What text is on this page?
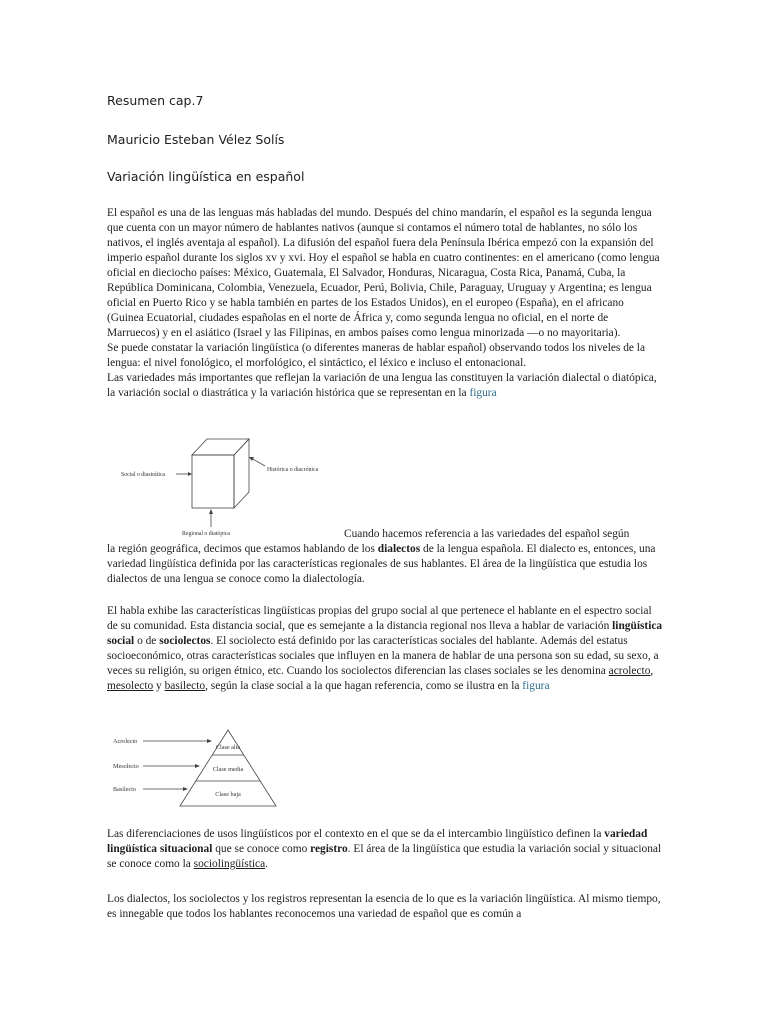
Resumen cap.7
Mauricio Esteban Vélez Solís
Variación lingüística en español
El español es una de las lenguas más habladas del mundo. Después del chino mandarín, el español es la segunda lengua que cuenta con un mayor número de hablantes nativos (aunque si contamos el número total de hablantes, no sólo los nativos, el inglés aventaja al español). La difusión del español fuera dela Península Ibérica empezó con la expansión del imperio español durante los siglos xv y xvi. Hoy el español se habla en cuatro continentes: en el americano (como lengua oficial en dieciocho países: México, Guatemala, El Salvador, Honduras, Nicaragua, Costa Rica, Panamá, Cuba, la República Dominicana, Colombia, Venezuela, Ecuador, Perú, Bolivia, Chile, Paraguay, Uruguay y Argentina; es lengua oficial en Puerto Rico y se habla también en partes de los Estados Unidos), en el europeo (España), en el africano (Guinea Ecuatorial, ciudades españolas en el norte de África y, como segunda lengua no oficial, en el norte de Marruecos) y en el asiático (Israel y las Filipinas, en ambos países como lengua minorizada —o no mayoritaria).
Se puede constatar la variación lingüística (o diferentes maneras de hablar español) observando todos los niveles de la lengua: el nivel fonológico, el morfológico, el sintáctico, el léxico e incluso el entonacional.
Las variedades más importantes que reflejan la variación de una lengua las constituyen la variación dialectal o diatópica, la variación social o diastrática y la variación histórica que se representan en la figura
Social o diastrática
Histórica o diacrónica
Regional o diatópica	Cuando hacemos referencia a las variedades del español según
la región geográfica, decimos que estamos hablando de los dialectos de la lengua española. El dialecto es, entonces, una variedad lingüística definida por las características regionales de sus hablantes. El área de la lingüística que estudia los dialectos de una lengua se conoce como la dialectología.
El habla exhibe las características lingüísticas propias del grupo social al que pertenece el hablante en el espectro social de su comunidad. Esta distancia social, que es semejante a la distancia regional nos lleva a hablar de variación lingüística social o de sociolectos. El sociolecto está definido por las características sociales del hablante. Además del estatus socioeconómico, otras características sociales que influyen en la manera de hablar de una persona son su edad, su sexo, a veces su religión, su origen étnico, etc. Cuando los sociolectos diferencian las clases sociales se les denomina acrolecto, mesolecto y basilecto, según la clase social a la que hagan referencia, como se ilustra en la figura
Acrolecto
Mesolecto
Basilecto
Clase alta
Clase media
Clase baja
Las diferenciaciones de usos lingüísticos por el contexto en el que se da el intercambio lingüístico definen la variedad lingüística situacional que se conoce como registro. El área de la lingüística que estudia la variación social y situacional se conoce como la sociolingüística.
Los dialectos, los sociolectos y los registros representan la esencia de lo que es la variación lingüística. Al mismo tiempo, es innegable que todos los hablantes reconocemos una variedad de español que es común a
